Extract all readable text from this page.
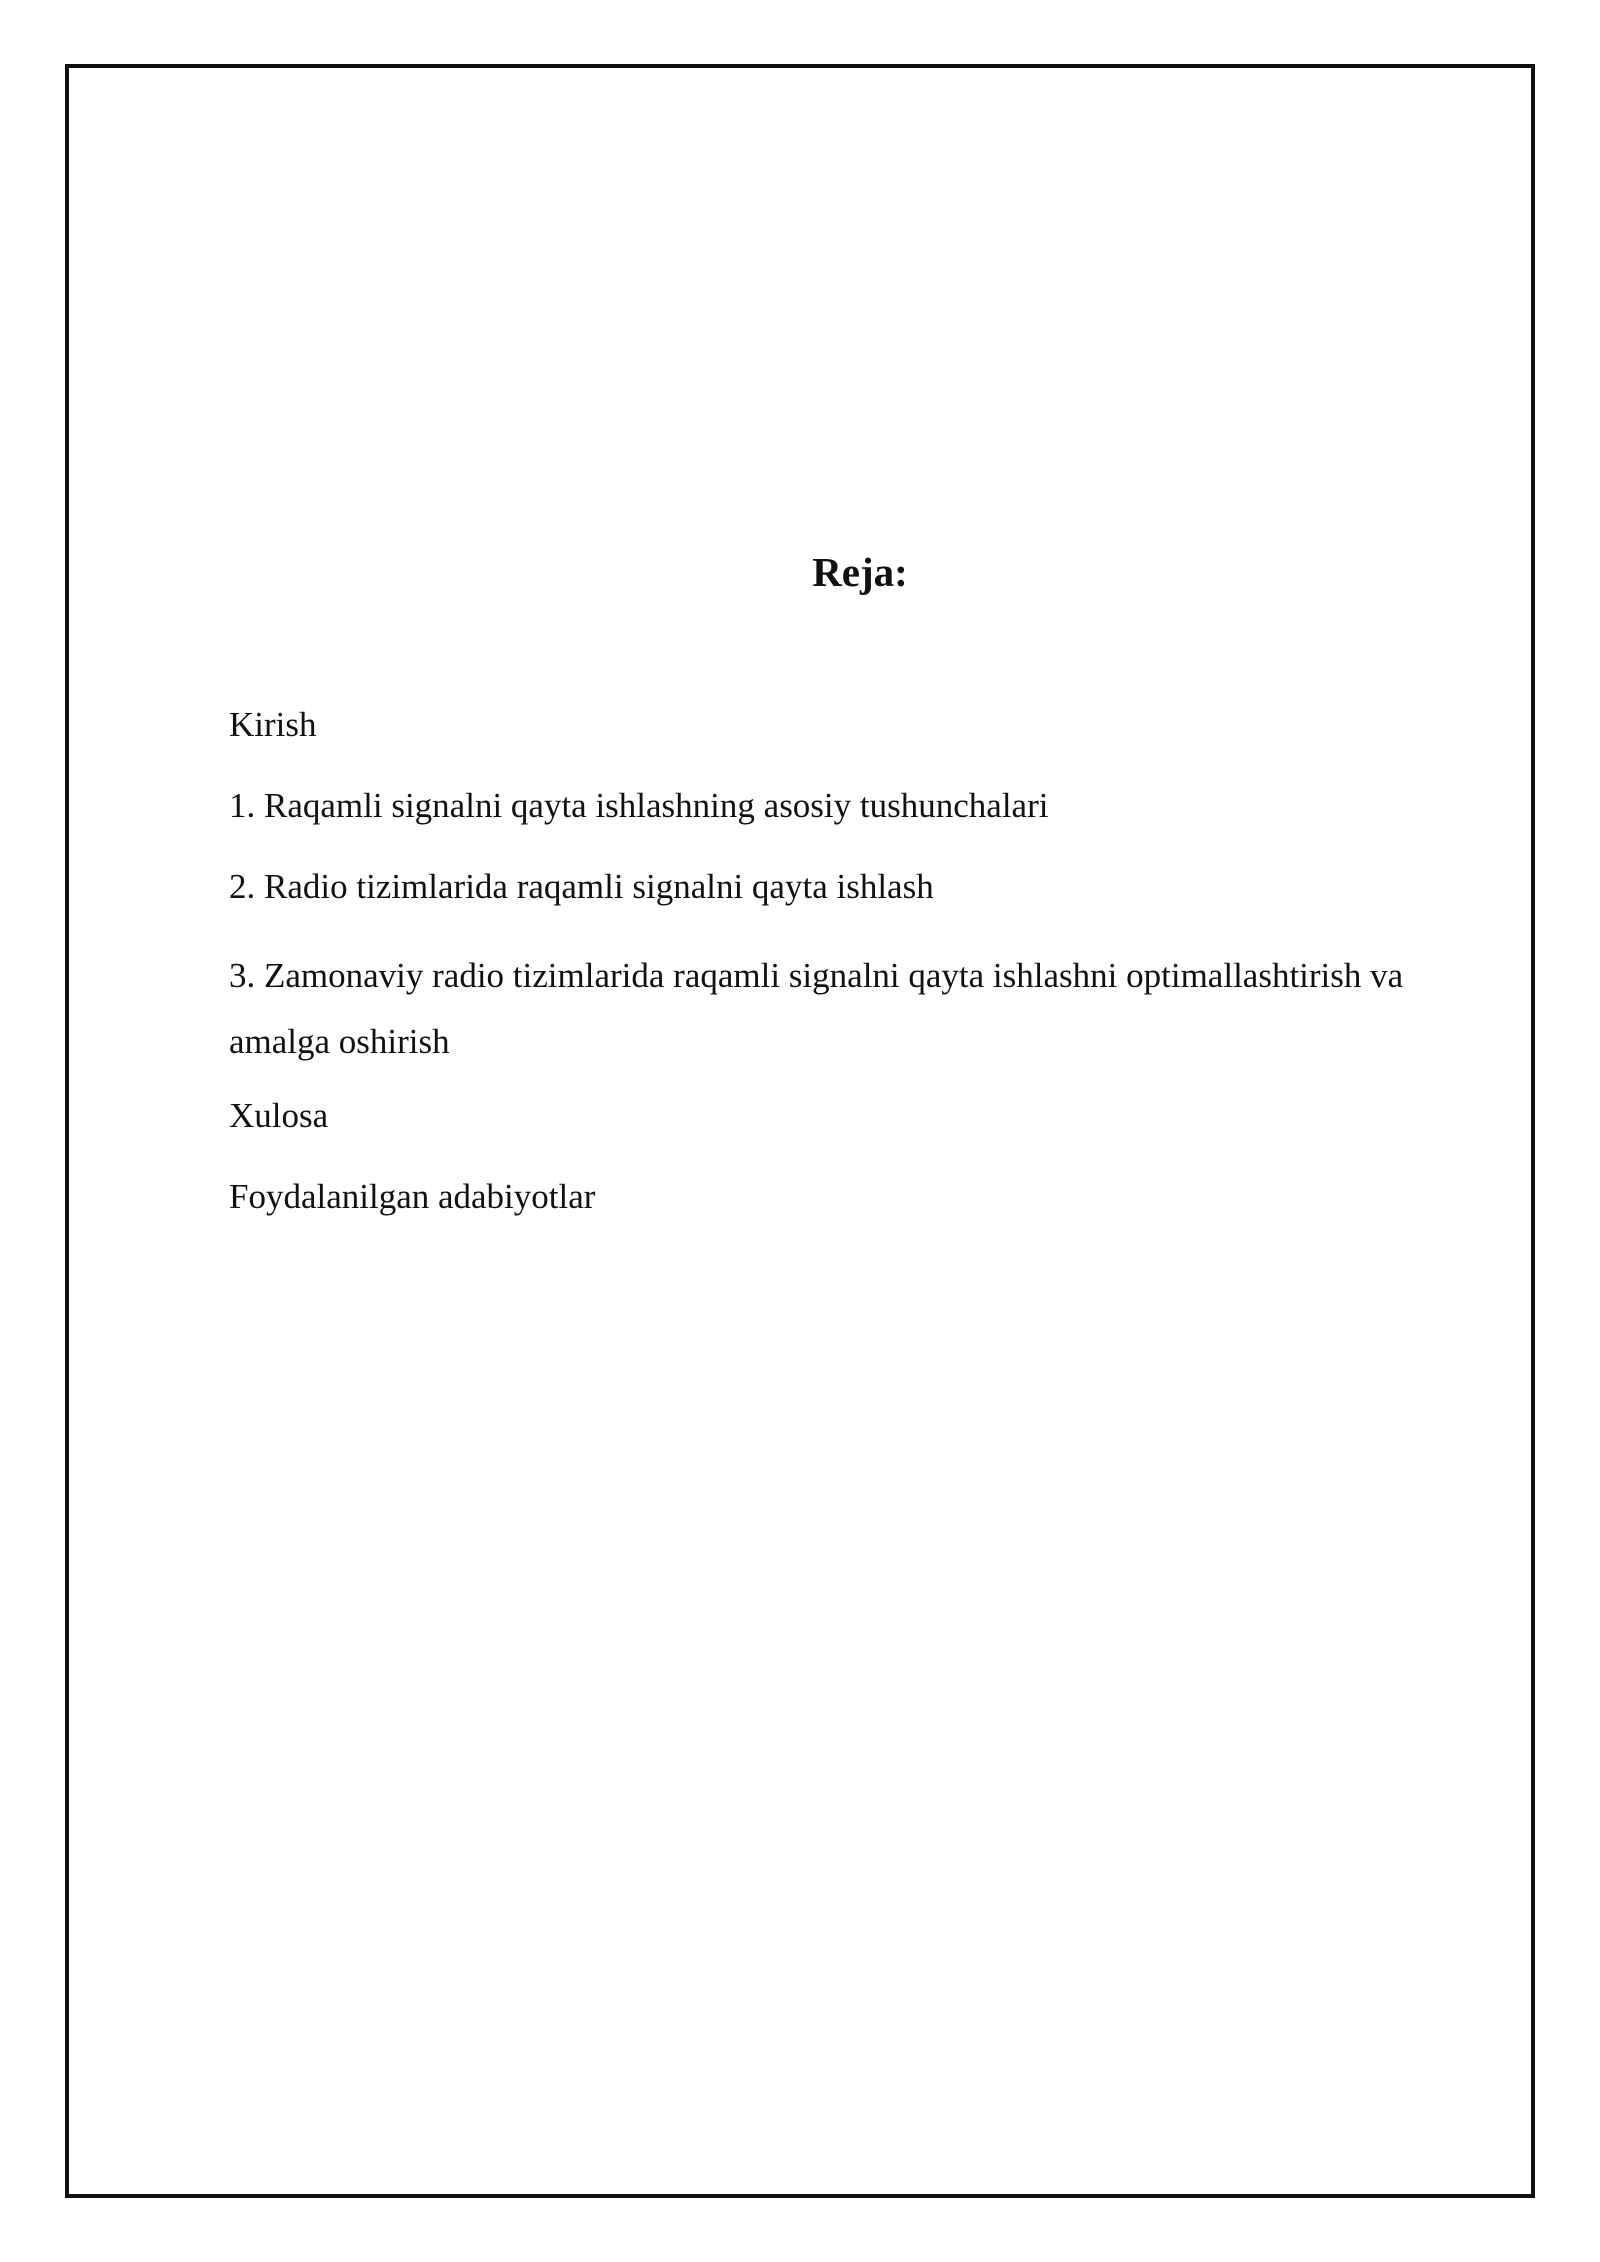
Reja:
Kirish
1. Raqamli signalni qayta ishlashning asosiy tushunchalari
2. Radio tizimlarida raqamli signalni qayta ishlash
3. Zamonaviy radio tizimlarida raqamli signalni qayta ishlashni optimallashtirish va amalga oshirish
Xulosa
Foydalanilgan adabiyotlar
